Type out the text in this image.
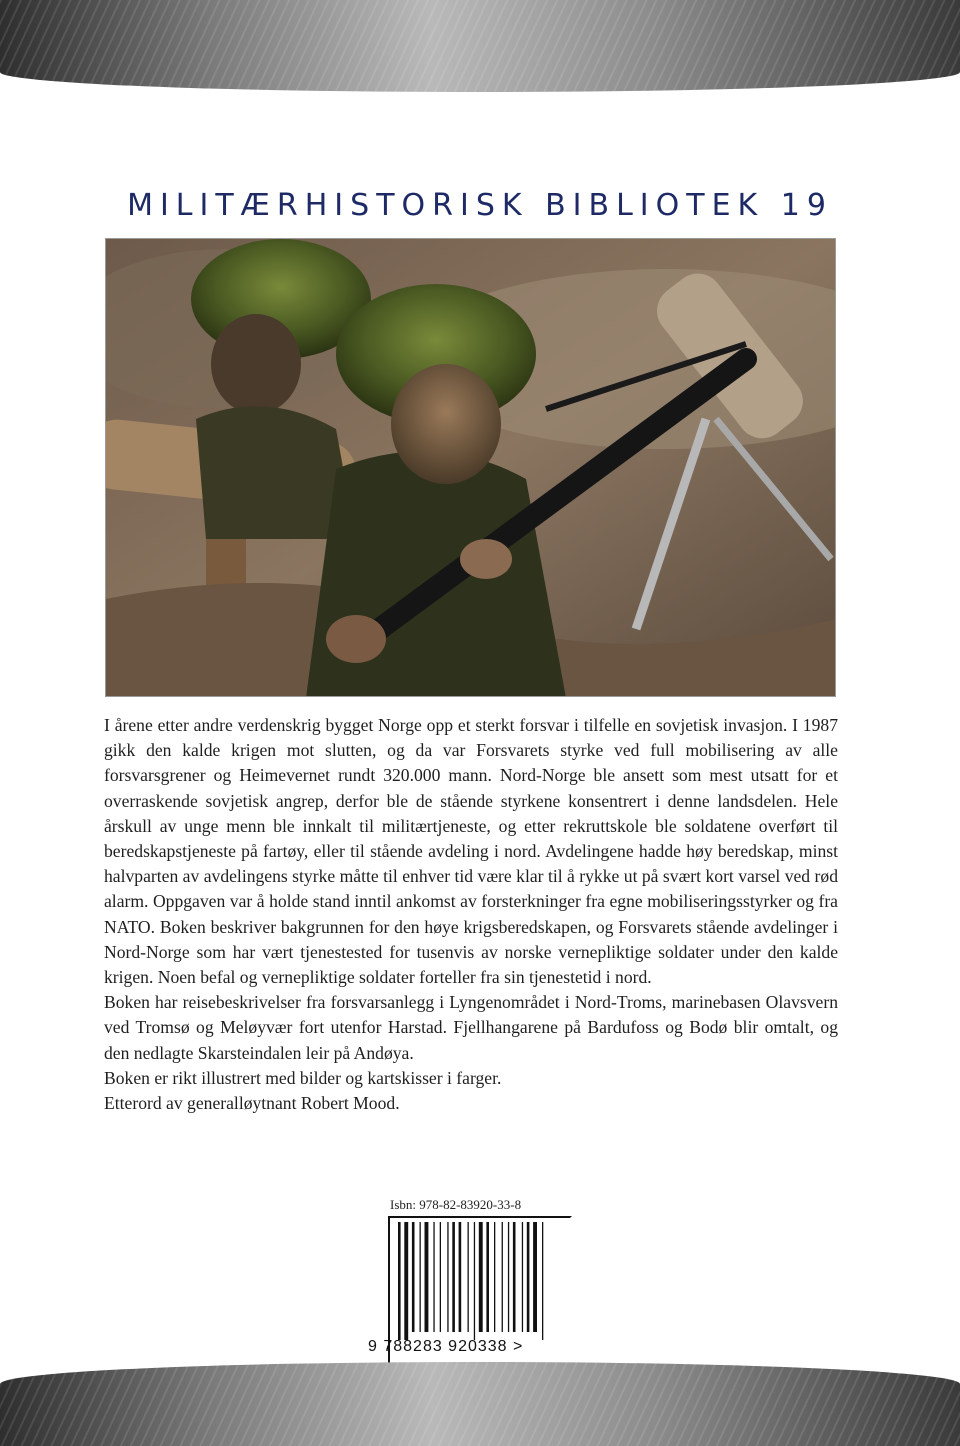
MILITÆRHISTORISK BIBLIOTEK 19

I årene etter andre verdenskrig bygget Norge opp et sterkt forsvar i tilfelle en sovjetisk invasjon. I 1987 gikk den kalde krigen mot slutten, og da var Forsvarets styrke ved full mobilisering av alle forsvarsgrener og Heimevernet rundt 320.000 mann. Nord-Norge ble ansett som mest utsatt for et overraskende sovjetisk angrep, derfor ble de stående styrkene konsentrert i denne landsdelen. Hele årskull av unge menn ble innkalt til militærtjeneste, og etter rekruttskole ble soldatene overført til beredskapstjeneste på fartøy, eller til stående avdeling i nord. Avdelingene hadde høy beredskap, minst halvparten av avdelingens styrke måtte til enhver tid være klar til å rykke ut på svært kort varsel ved rød alarm. Oppgaven var å holde stand inntil ankomst av forsterkninger fra egne mobiliseringsstyrker og fra NATO. Boken beskriver bakgrunnen for den høye krigsberedskapen, og Forsvarets stående avdelinger i Nord-Norge som har vært tjenestested for tusenvis av norske vernepliktige soldater under den kalde krigen. Noen befal og vernepliktige soldater forteller fra sin tjenestetid i nord.

Boken har reisebeskrivelser fra forsvarsanlegg i Lyngenområdet i Nord-Troms, marinebasen Olavsvern ved Tromsø og Meløyvær fort utenfor Harstad. Fjellhangarene på Bardufoss og Bodø blir omtalt, og den nedlagte Skarsteindalen leir på Andøya.

Boken er rikt illustrert med bilder og kartskisser i farger.

Etterord av generalløytnant Robert Mood.

Isbn: 978-82-83920-33-8
9 788283 920338 >
